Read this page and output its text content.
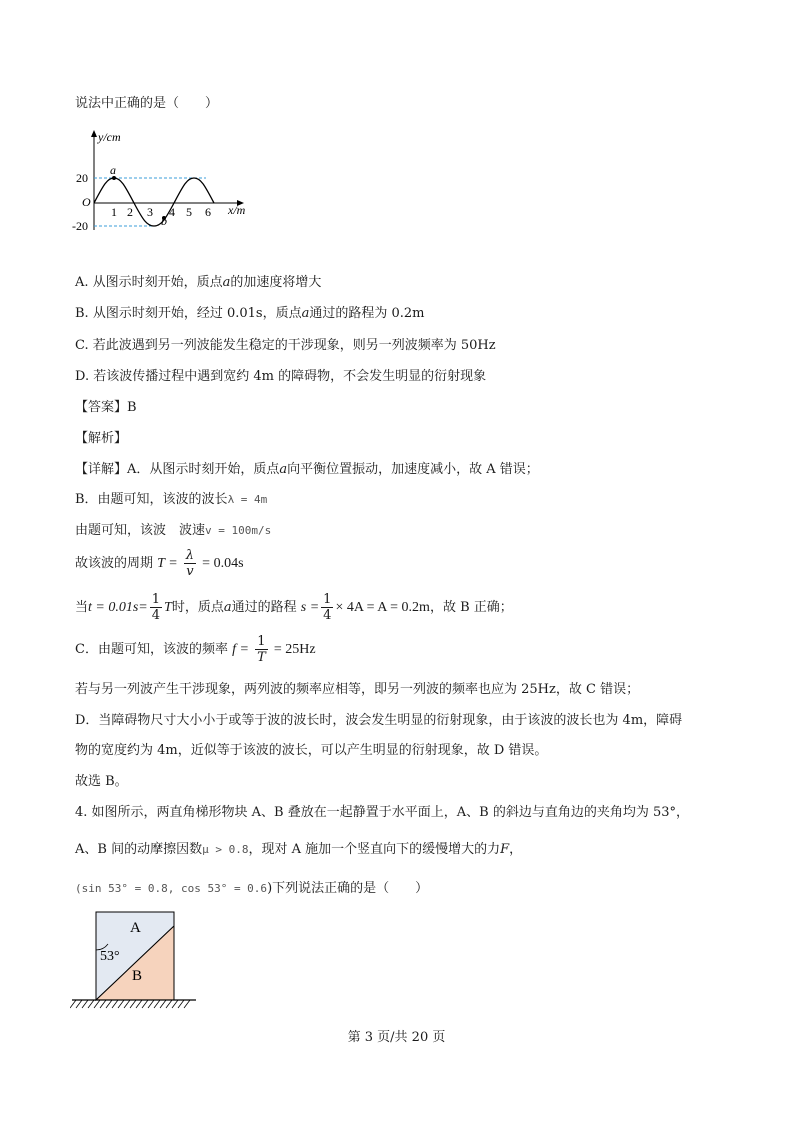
说法中正确的是（　　）
a
b
y/cm
x/m
O
20
-20
1 2 3 4 5 6
A. 从图示时刻开始，质点a的加速度将增大
B. 从图示时刻开始，经过 0.01s，质点a通过的路程为 0.2m
C. 若此波遇到另一列波能发生稳定的干涉现象，则另一列波频率为 50Hz
D. 若该波传播过程中遇到宽约 4m 的障碍物，不会发生明显的衍射现象
【答案】B
【解析】
【详解】A．从图示时刻开始，质点a向平衡位置振动，加速度减小，故 A 错误；
B．由题可知，该波的波长λ = 4m
由题可知，该波　波速v = 100m/s
故该波的周期 $T = \frac{\lambda}{v} = 0.04s$
当$t = 0.01s= \frac{1}{4}$ T时，质点a通过的路程 $s = \frac{1}{4} \times 4A = A = 0.2m$，故 B 正确；
C．由题可知，该波的频率 $f = \frac{1}{T} = 25Hz$
若与另一列波产生干涉现象，两列波的频率应相等，即另一列波的频率也应为 25Hz，故 C 错误；
D．当障碍物尺寸大小小于或等于波的波长时，波会发生明显的衍射现象，由于该波的波长也为 4m，障碍
物的宽度约为 4m，近似等于该波的波长，可以产生明显的衍射现象，故 D 错误。
故选 B。
4. 如图所示，两直角梯形物块 A、B 叠放在一起静置于水平面上，A、B 的斜边与直角边的夹角均为 53°，
A、B 间的动摩擦因数μ > 0.8，现对 A 施加一个竖直向下的缓慢增大的力F，
(sin 53° = 0.8, cos 53° = 0.6)下列说法正确的是（　　）
A
B
53°
第 3 页/共 20 页
